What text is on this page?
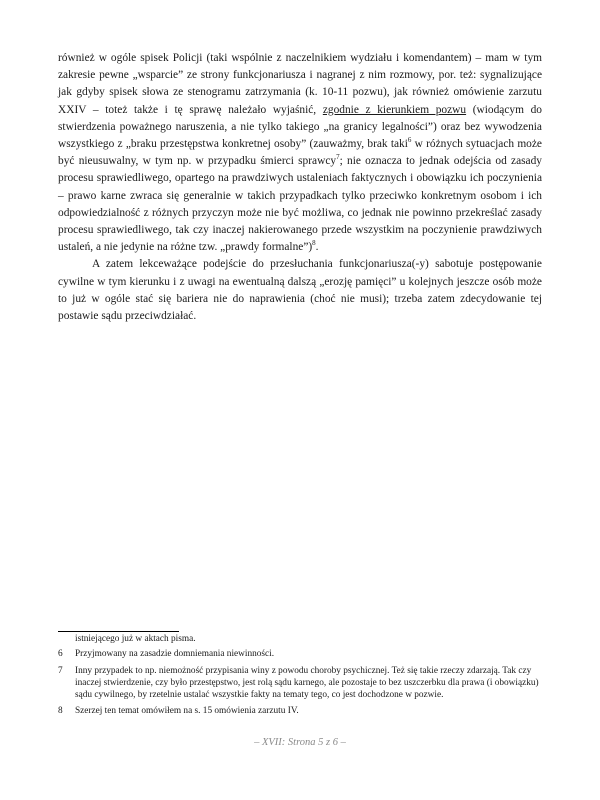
również w ogóle spisek Policji (taki wspólnie z naczelnikiem wydziału i komendantem) – mam w tym zakresie pewne „wsparcie” ze strony funkcjonariusza i nagranej z nim rozmowy, por. też: sygnalizujące jak gdyby spisek słowa ze stenogramu zatrzymania (k. 10-11 pozwu), jak również omówienie zarzutu XXIV – toteż także i tę sprawę należało wyjaśnić, zgodnie z kierunkiem pozwu (wiodącym do stwierdzenia poważnego naruszenia, a nie tylko takiego „na granicy legalności”) oraz bez wywodzenia wszystkiego z „braku przestępstwa konkretnej osoby” (zauważmy, brak taki$^6$ w różnych sytuacjach może być nieusuwalny, w tym np. w przypadku śmierci sprawcy$^7$; nie oznacza to jednak odejścia od zasady procesu sprawiedliwego, opartego na prawdziwych ustaleniach faktycznych i obowiązku ich poczynienia – prawo karne zwraca się generalnie w takich przypadkach tylko przeciwko konkretnym osobom i ich odpowiedzialność z różnych przyczyn może nie być możliwa, co jednak nie powinno przekreślać zasady procesu sprawiedliwego, tak czy inaczej nakierowanego przede wszystkim na poczynienie prawdziwych ustaleń, a nie jedynie na różne tzw. „prawdy formalne”)$^8$.

A zatem lekceważące podejście do przesłuchania funkcjonariusza(-y) sabotuje postępowanie cywilne w tym kierunku i z uwagi na ewentualną dalszą „erozję pamięci” u kolejnych jeszcze osób może to już w ogóle stać się bariera nie do naprawienia (choć nie musi); trzeba zatem zdecydowanie tej postawie sądu przeciwdziałać.

istniejącego już w aktach pisma.
6	Przyjmowany na zasadzie domniemania niewinności.
7	Inny przypadek to np. niemożność przypisania winy z powodu choroby psychicznej. Też się takie rzeczy zdarzają. Tak czy inaczej stwierdzenie, czy było przestępstwo, jest rolą sądu karnego, ale pozostaje to bez uszczerbku dla prawa (i obowiązku) sądu cywilnego, by rzetelnie ustalać wszystkie fakty na tematy tego, co jest dochodzone w pozwie.
8	Szerzej ten temat omówiłem na s. 15 omówienia zarzutu IV.
– XVII: Strona 5 z 6 –
